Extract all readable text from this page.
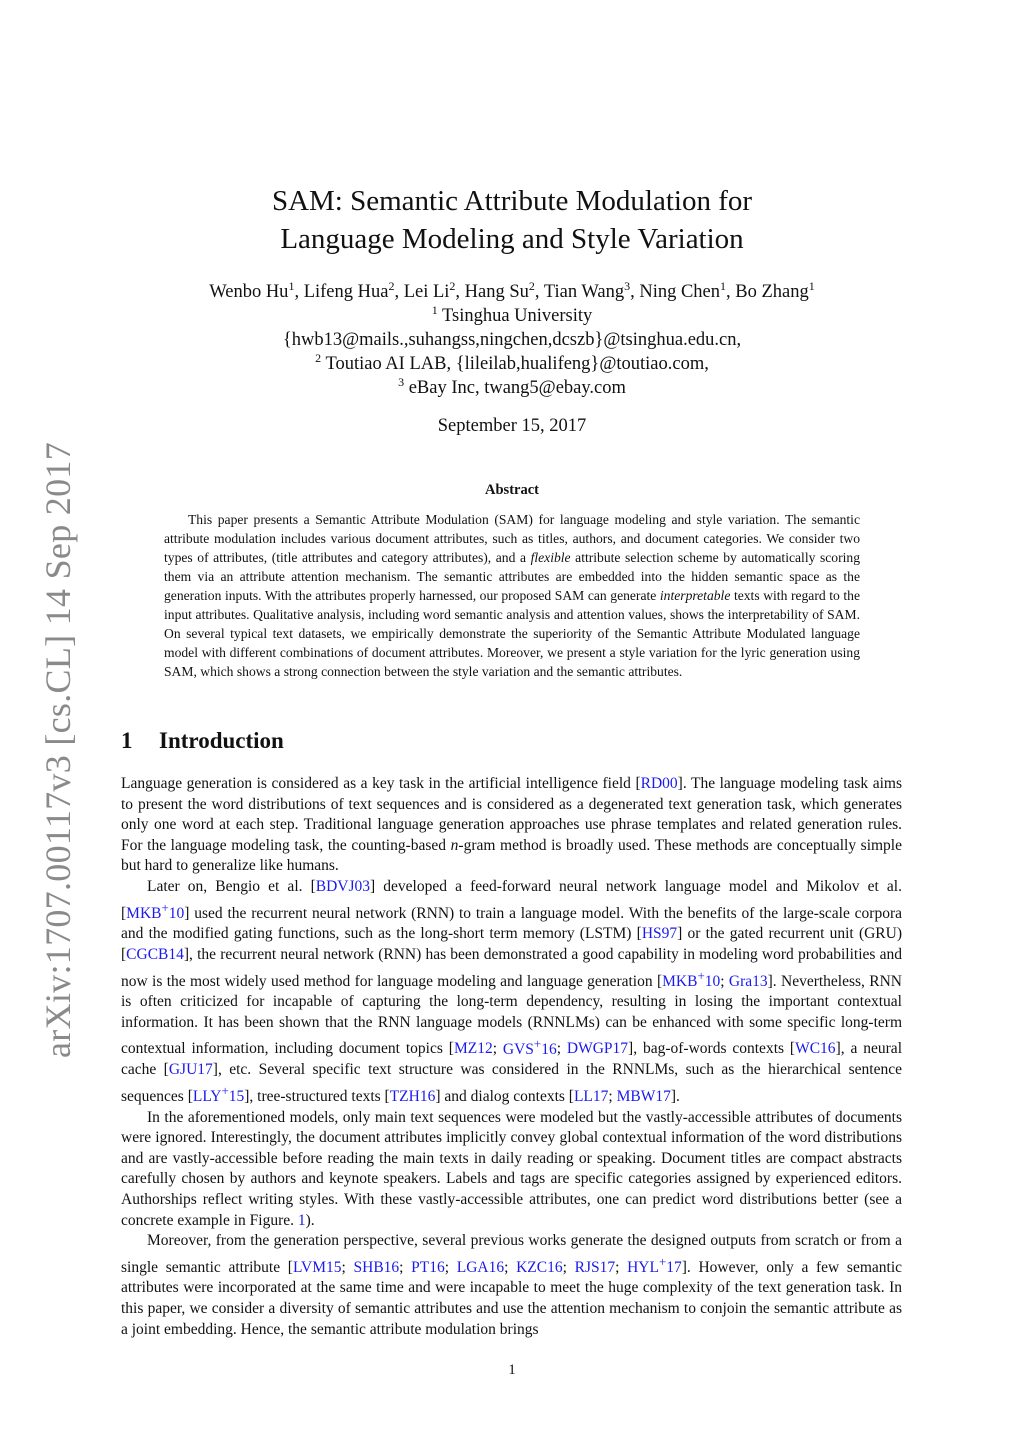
arXiv:1707.00117v3 [cs.CL] 14 Sep 2017
SAM: Semantic Attribute Modulation for
Language Modeling and Style Variation
Wenbo Hu$^1$, Lifeng Hua$^2$, Lei Li$^2$, Hang Su$^2$, Tian Wang$^3$, Ning Chen$^1$, Bo Zhang$^1$
$^1$ Tsinghua University
{hwb13@mails.,suhangss,ningchen,dcszb}@tsinghua.edu.cn,
$^2$ Toutiao AI LAB, {lileilab,hualifeng}@toutiao.com,
$^3$ eBay Inc, twang5@ebay.com
September 15, 2017
Abstract
This paper presents a Semantic Attribute Modulation (SAM) for language modeling and style variation. The semantic attribute modulation includes various document attributes, such as titles, authors, and document categories. We consider two types of attributes, (title attributes and category attributes), and a flexible attribute selection scheme by automatically scoring them via an attribute attention mechanism. The semantic attributes are embedded into the hidden semantic space as the generation inputs. With the attributes properly harnessed, our proposed SAM can generate interpretable texts with regard to the input attributes. Qualitative analysis, including word semantic analysis and attention values, shows the interpretability of SAM. On several typical text datasets, we empirically demonstrate the superiority of the Semantic Attribute Modulated language model with different combinations of document attributes. Moreover, we present a style variation for the lyric generation using SAM, which shows a strong connection between the style variation and the semantic attributes.
1 Introduction

Language generation is considered as a key task in the artificial intelligence field [RD00]. The language modeling task aims to present the word distributions of text sequences and is considered as a degenerated text generation task, which generates only one word at each step. Traditional language generation approaches use phrase templates and related generation rules. For the language modeling task, the counting-based n-gram method is broadly used. These methods are conceptually simple but hard to generalize like humans.

Later on, Bengio et al. [BDVJ03] developed a feed-forward neural network language model and Mikolov et al. [MKB+10] used the recurrent neural network (RNN) to train a language model. With the benefits of the large-scale corpora and the modified gating functions, such as the long-short term memory (LSTM) [HS97] or the gated recurrent unit (GRU) [CGCB14], the recurrent neural network (RNN) has been demonstrated a good capability in modeling word probabilities and now is the most widely used method for language modeling and language generation [MKB+10; Gra13]. Nevertheless, RNN is often criticized for incapable of capturing the long-term dependency, resulting in losing the important contextual information. It has been shown that the RNN language models (RNNLMs) can be enhanced with some specific long-term contextual information, including document topics [MZ12; GVS+16; DWGP17], bag-of-words contexts [WC16], a neural cache [GJU17], etc. Several specific text structure was considered in the RNNLMs, such as the hierarchical sentence sequences [LLY+15], tree-structured texts [TZH16] and dialog contexts [LL17; MBW17].

In the aforementioned models, only main text sequences were modeled but the vastly-accessible attributes of documents were ignored. Interestingly, the document attributes implicitly convey global contextual information of the word distributions and are vastly-accessible before reading the main texts in daily reading or speaking. Document titles are compact abstracts carefully chosen by authors and keynote speakers. Labels and tags are specific categories assigned by experienced editors. Authorships reflect writing styles. With these vastly-accessible attributes, one can predict word distributions better (see a concrete example in Figure. 1).

Moreover, from the generation perspective, several previous works generate the designed outputs from scratch or from a single semantic attribute [LVM15; SHB16; PT16; LGA16; KZC16; RJS17; HYL+17]. However, only a few semantic attributes were incorporated at the same time and were incapable to meet the huge complexity of the text generation task. In this paper, we consider a diversity of semantic attributes and use the attention mechanism to conjoin the semantic attribute as a joint embedding. Hence, the semantic attribute modulation brings

1
